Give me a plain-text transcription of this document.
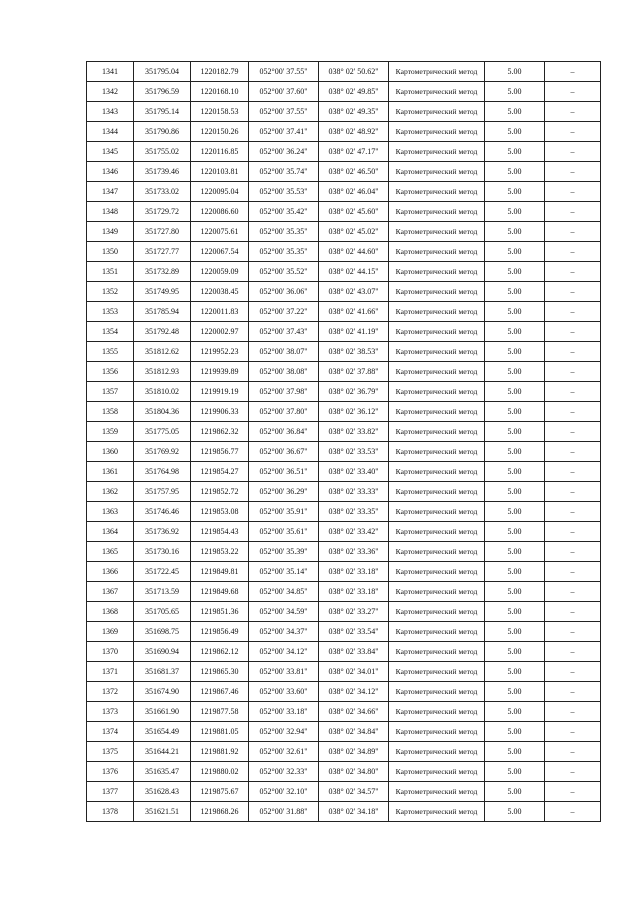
1341	351795.04	1220182.79	052°00' 37.55"	038° 02' 50.62"	Картометрический метод	5.00	–
1342	351796.59	1220168.10	052°00' 37.60"	038° 02' 49.85"	Картометрический метод	5.00	–
1343	351795.14	1220158.53	052°00' 37.55"	038° 02' 49.35"	Картометрический метод	5.00	–
1344	351790.86	1220150.26	052°00' 37.41"	038° 02' 48.92"	Картометрический метод	5.00	–
1345	351755.02	1220116.85	052°00' 36.24"	038° 02' 47.17"	Картометрический метод	5.00	–
1346	351739.46	1220103.81	052°00' 35.74"	038° 02' 46.50"	Картометрический метод	5.00	–
1347	351733.02	1220095.04	052°00' 35.53"	038° 02' 46.04"	Картометрический метод	5.00	–
1348	351729.72	1220086.60	052°00' 35.42"	038° 02' 45.60"	Картометрический метод	5.00	–
1349	351727.80	1220075.61	052°00' 35.35"	038° 02' 45.02"	Картометрический метод	5.00	–
1350	351727.77	1220067.54	052°00' 35.35"	038° 02' 44.60"	Картометрический метод	5.00	–
1351	351732.89	1220059.09	052°00' 35.52"	038° 02' 44.15"	Картометрический метод	5.00	–
1352	351749.95	1220038.45	052°00' 36.06"	038° 02' 43.07"	Картометрический метод	5.00	–
1353	351785.94	1220011.83	052°00' 37.22"	038° 02' 41.66"	Картометрический метод	5.00	–
1354	351792.48	1220002.97	052°00' 37.43"	038° 02' 41.19"	Картометрический метод	5.00	–
1355	351812.62	1219952.23	052°00' 38.07"	038° 02' 38.53"	Картометрический метод	5.00	–
1356	351812.93	1219939.89	052°00' 38.08"	038° 02' 37.88"	Картометрический метод	5.00	–
1357	351810.02	1219919.19	052°00' 37.98"	038° 02' 36.79"	Картометрический метод	5.00	–
1358	351804.36	1219906.33	052°00' 37.80"	038° 02' 36.12"	Картометрический метод	5.00	–
1359	351775.05	1219862.32	052°00' 36.84"	038° 02' 33.82"	Картометрический метод	5.00	–
1360	351769.92	1219856.77	052°00' 36.67"	038° 02' 33.53"	Картометрический метод	5.00	–
1361	351764.98	1219854.27	052°00' 36.51"	038° 02' 33.40"	Картометрический метод	5.00	–
1362	351757.95	1219852.72	052°00' 36.29"	038° 02' 33.33"	Картометрический метод	5.00	–
1363	351746.46	1219853.08	052°00' 35.91"	038° 02' 33.35"	Картометрический метод	5.00	–
1364	351736.92	1219854.43	052°00' 35.61"	038° 02' 33.42"	Картометрический метод	5.00	–
1365	351730.16	1219853.22	052°00' 35.39"	038° 02' 33.36"	Картометрический метод	5.00	–
1366	351722.45	1219849.81	052°00' 35.14"	038° 02' 33.18"	Картометрический метод	5.00	–
1367	351713.59	1219849.68	052°00' 34.85"	038° 02' 33.18"	Картометрический метод	5.00	–
1368	351705.65	1219851.36	052°00' 34.59"	038° 02' 33.27"	Картометрический метод	5.00	–
1369	351698.75	1219856.49	052°00' 34.37"	038° 02' 33.54"	Картометрический метод	5.00	–
1370	351690.94	1219862.12	052°00' 34.12"	038° 02' 33.84"	Картометрический метод	5.00	–
1371	351681.37	1219865.30	052°00' 33.81"	038° 02' 34.01"	Картометрический метод	5.00	–
1372	351674.90	1219867.46	052°00' 33.60"	038° 02' 34.12"	Картометрический метод	5.00	–
1373	351661.90	1219877.58	052°00' 33.18"	038° 02' 34.66"	Картометрический метод	5.00	–
1374	351654.49	1219881.05	052°00' 32.94"	038° 02' 34.84"	Картометрический метод	5.00	–
1375	351644.21	1219881.92	052°00' 32.61"	038° 02' 34.89"	Картометрический метод	5.00	–
1376	351635.47	1219880.02	052°00' 32.33"	038° 02' 34.80"	Картометрический метод	5.00	–
1377	351628.43	1219875.67	052°00' 32.10"	038° 02' 34.57"	Картометрический метод	5.00	–
1378	351621.51	1219868.26	052°00' 31.88"	038° 02' 34.18"	Картометрический метод	5.00	–
